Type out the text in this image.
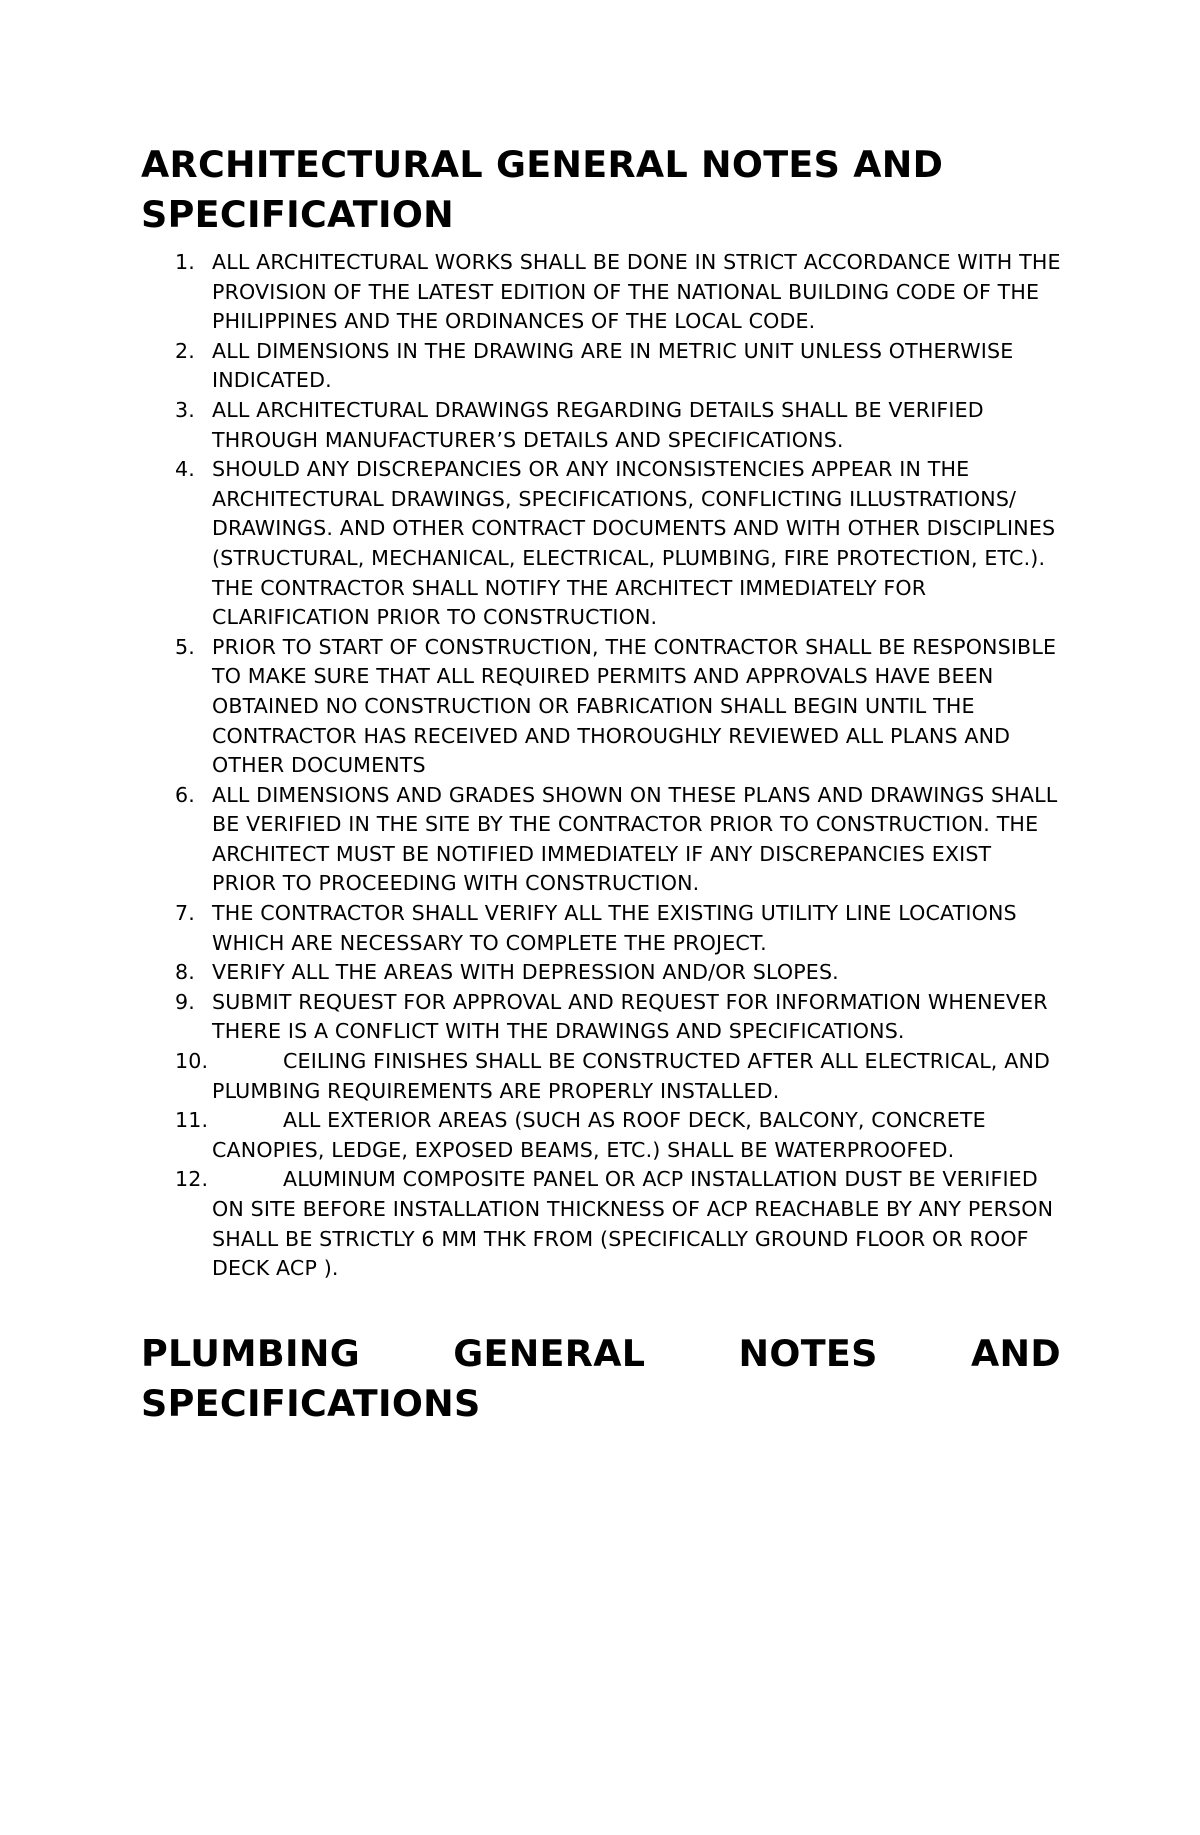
ARCHITECTURAL GENERAL NOTES AND
SPECIFICATION
1. ALL ARCHITECTURAL WORKS SHALL BE DONE IN STRICT ACCORDANCE WITH THE PROVISION OF THE LATEST EDITION OF THE NATIONAL BUILDING CODE OF THE PHILIPPINES AND THE ORDINANCES OF THE LOCAL CODE.
2. ALL DIMENSIONS IN THE DRAWING ARE IN METRIC UNIT UNLESS OTHERWISE INDICATED.
3. ALL ARCHITECTURAL DRAWINGS REGARDING DETAILS SHALL BE VERIFIED THROUGH MANUFACTURER’S DETAILS AND SPECIFICATIONS.
4. SHOULD ANY DISCREPANCIES OR ANY INCONSISTENCIES APPEAR IN THE ARCHITECTURAL DRAWINGS, SPECIFICATIONS, CONFLICTING ILLUSTRATIONS/ DRAWINGS. AND OTHER CONTRACT DOCUMENTS AND WITH OTHER DISCIPLINES (STRUCTURAL, MECHANICAL, ELECTRICAL, PLUMBING, FIRE PROTECTION, ETC.). THE CONTRACTOR SHALL NOTIFY THE ARCHITECT IMMEDIATELY FOR CLARIFICATION PRIOR TO CONSTRUCTION.
5. PRIOR TO START OF CONSTRUCTION, THE CONTRACTOR SHALL BE RESPONSIBLE TO MAKE SURE THAT ALL REQUIRED PERMITS AND APPROVALS HAVE BEEN OBTAINED NO CONSTRUCTION OR FABRICATION SHALL BEGIN UNTIL THE CONTRACTOR HAS RECEIVED AND THOROUGHLY REVIEWED ALL PLANS AND OTHER DOCUMENTS
6. ALL DIMENSIONS AND GRADES SHOWN ON THESE PLANS AND DRAWINGS SHALL BE VERIFIED IN THE SITE BY THE CONTRACTOR PRIOR TO CONSTRUCTION. THE ARCHITECT MUST BE NOTIFIED IMMEDIATELY IF ANY DISCREPANCIES EXIST PRIOR TO PROCEEDING WITH CONSTRUCTION.
7. THE CONTRACTOR SHALL VERIFY ALL THE EXISTING UTILITY LINE LOCATIONS WHICH ARE NECESSARY TO COMPLETE THE PROJECT.
8. VERIFY ALL THE AREAS WITH DEPRESSION AND/OR SLOPES.
9. SUBMIT REQUEST FOR APPROVAL AND REQUEST FOR INFORMATION WHENEVER THERE IS A CONFLICT WITH THE DRAWINGS AND SPECIFICATIONS.
10.	CEILING FINISHES SHALL BE CONSTRUCTED AFTER ALL ELECTRICAL, AND PLUMBING REQUIREMENTS ARE PROPERLY INSTALLED.
11.	ALL EXTERIOR AREAS (SUCH AS ROOF DECK, BALCONY, CONCRETE CANOPIES, LEDGE, EXPOSED BEAMS, ETC.) SHALL BE WATERPROOFED.
12.	ALUMINUM COMPOSITE PANEL OR ACP INSTALLATION DUST BE VERIFIED ON SITE BEFORE INSTALLATION THICKNESS OF ACP REACHABLE BY ANY PERSON SHALL BE STRICTLY 6 MM THK FROM (SPECIFICALLY GROUND FLOOR OR ROOF DECK ACP ).
PLUMBING	GENERAL	NOTES	AND
SPECIFICATIONS
